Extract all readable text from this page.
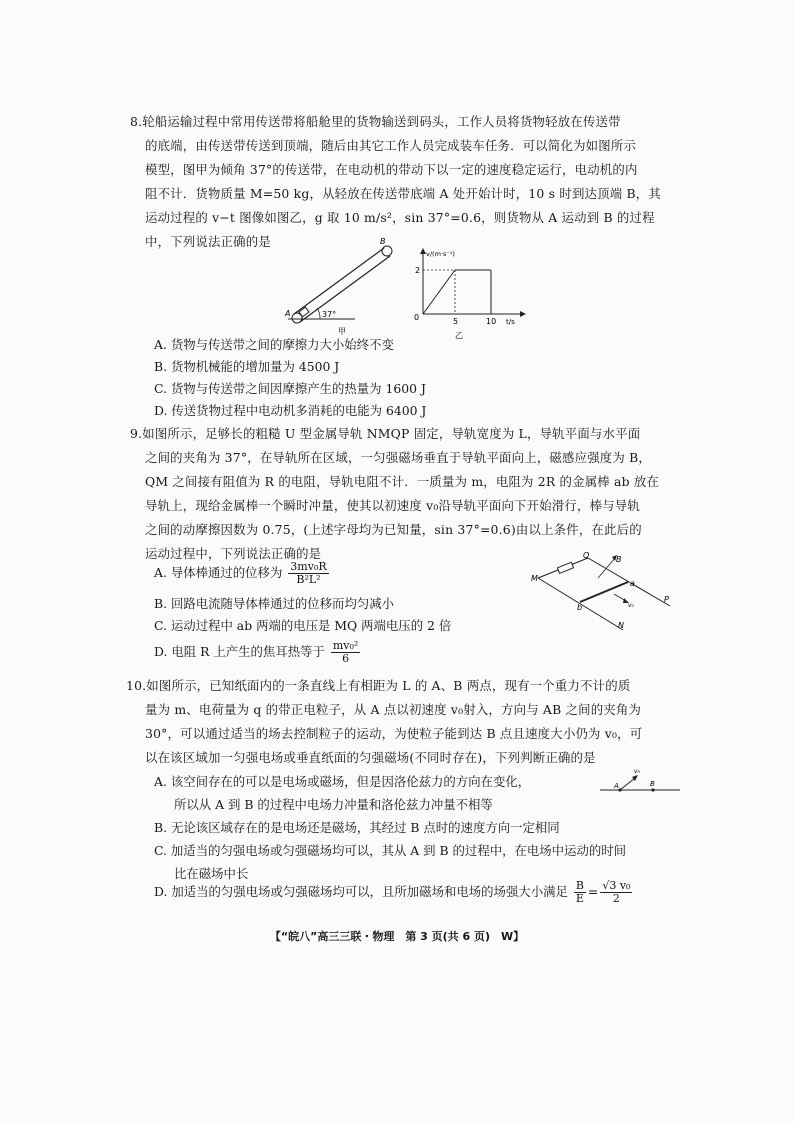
8.轮船运输过程中常用传送带将船舱里的货物输送到码头，工作人员将货物轻放在传送带
的底端，由传送带传送到顶端，随后由其它工作人员完成装车任务．可以简化为如图所示
模型，图甲为倾角 37°的传送带，在电动机的带动下以一定的速度稳定运行，电动机的内
阻不计．货物质量 M=50 kg，从轻放在传送带底端 A 处开始计时，10 s 时到达顶端 B，其
运动过程的 v−t 图像如图乙，g 取 10 m/s²，sin 37°=0.6，则货物从 A 运动到 B 的过程
中，下列说法正确的是
A
B
37°
甲
v/(m·s⁻¹)
2
0	5	10 t/s
乙
A. 货物与传送带之间的摩擦力大小始终不变
B. 货物机械能的增加量为 4500 J
C. 货物与传送带之间因摩擦产生的热量为 1600 J
D. 传送货物过程中电动机多消耗的电能为 6400 J
9.如图所示，足够长的粗糙 U 型金属导轨 NMQP 固定，导轨宽度为 L，导轨平面与水平面
之间的夹角为 37°，在导轨所在区域，一匀强磁场垂直于导轨平面向上，磁感应强度为 B，
QM 之间接有阻值为 R 的电阻，导轨电阻不计．一质量为 m，电阻为 2R 的金属棒 ab 放在
导轨上，现给金属棒一个瞬时冲量，使其以初速度 v₀沿导轨平面向下开始滑行，棒与导轨
之间的动摩擦因数为 0.75，(上述字母均为已知量，sin 37°=0.6)由以上条件，在此后的
运动过程中，下列说法正确的是
A. 导体棒通过的位移为 $\frac{\text{3mv₀R}}{\text{B²L²}}$
B. 回路电流随导体棒通过的位移而均匀减小
C. 运动过程中 ab 两端的电压是 MQ 两端电压的 2 倍
D. 电阻 R 上产生的焦耳热等于 $\frac{\text{mv₀²}}{6}$
Q	B
M
a
b	v₀
N
P
10.如图所示，已知纸面内的一条直线上有相距为 L 的 A、B 两点，现有一个重力不计的质
量为 m、电荷量为 q 的带正电粒子，从 A 点以初速度 v₀射入，方向与 AB 之间的夹角为
30°，可以通过适当的场去控制粒子的运动，为使粒子能到达 B 点且速度大小仍为 v₀，可
以在该区域加一匀强电场或垂直纸面的匀强磁场(不同时存在)，下列判断正确的是
A. 该空间存在的可以是电场或磁场，但是因洛伦兹力的方向在变化，
所以从 A 到 B 的过程中电场力冲量和洛伦兹力冲量不相等
B. 无论该区域存在的是电场还是磁场，其经过 B 点时的速度方向一定相同
C. 加适当的匀强电场或匀强磁场均可以，其从 A 到 B 的过程中，在电场中运动的时间
比在磁场中长
D. 加适当的匀强电场或匀强磁场均可以，且所加磁场和电场的场强大小满足 $\frac{B}{E} = \frac{\text{√3 v₀}}{2}$
A	B
v₀
【“皖八”高三三联・物理　第 3 页(共 6 页)　W】
